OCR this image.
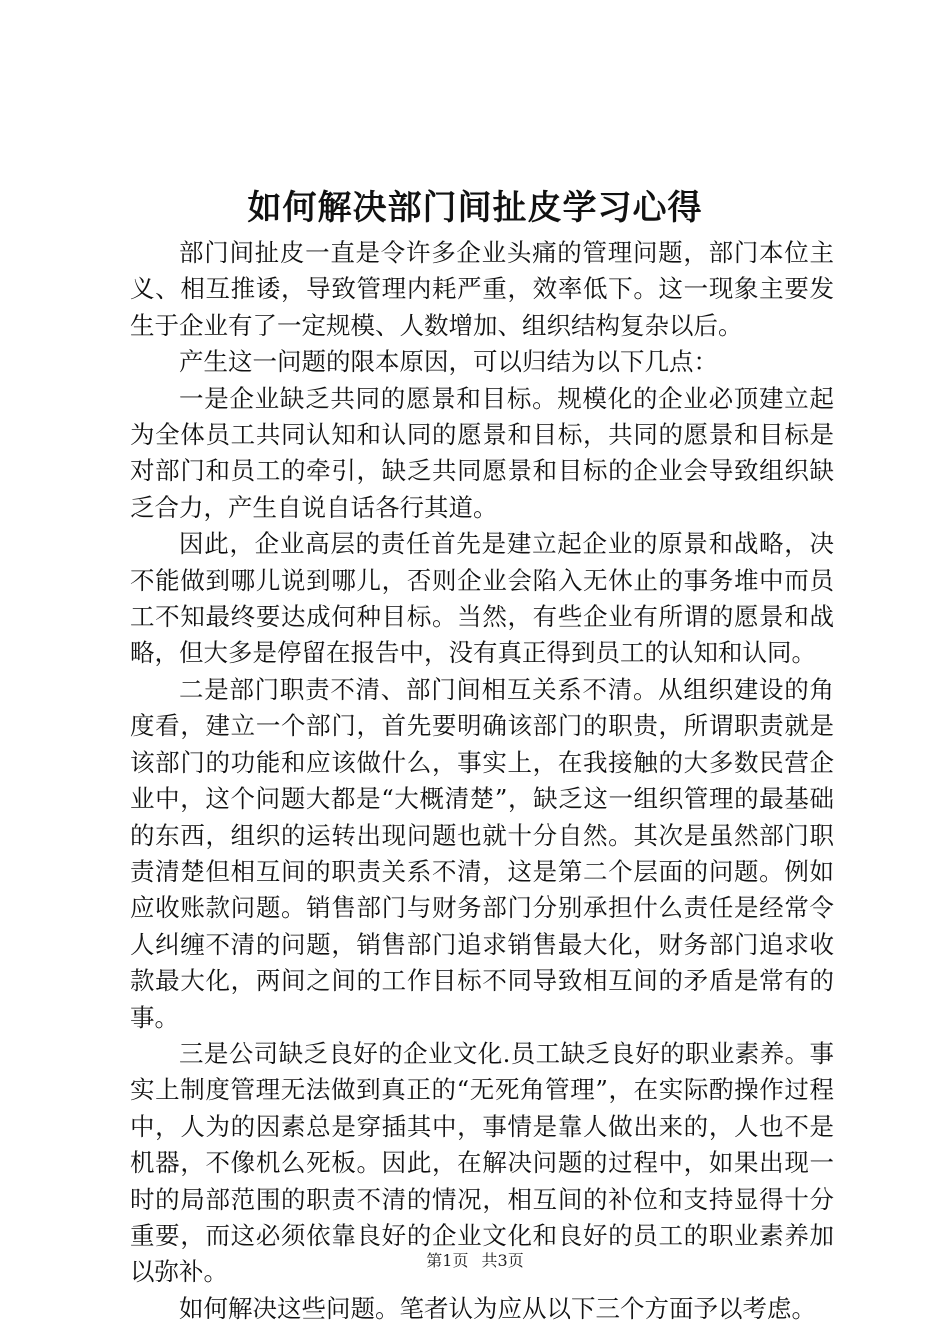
如何解决部门间扯皮学习心得

部门间扯皮一直是令许多企业头痛的管理问题，部门本位主义、相互推诿，导致管理内耗严重，效率低下。这一现象主要发生于企业有了一定规模、人数增加、组织结构复杂以后。

产生这一问题的限本原因，可以归结为以下几点：

一是企业缺乏共同的愿景和目标。规模化的企业必顶建立起为全体员工共同认知和认同的愿景和目标，共同的愿景和目标是对部门和员工的牵引，缺乏共同愿景和目标的企业会导致组织缺乏合力，产生自说自话各行其道。

因此，企业高层的责任首先是建立起企业的原景和战略，决不能做到哪儿说到哪儿，否则企业会陷入无休止的事务堆中而员工不知最终要达成何种目标。当然，有些企业有所谓的愿景和战略，但大多是停留在报告中，没有真正得到员工的认知和认同。

二是部门职责不清、部门间相互关系不清。从组织建设的角度看，建立一个部门，首先要明确该部门的职贵，所谓职责就是该部门的功能和应该做什么，事实上，在我接触的大多数民营企业中，这个问题大都是“大概清楚”，缺乏这一组织管理的最基础的东西，组织的运转出现问题也就十分自然。其次是虽然部门职责清楚但相互间的职责关系不清，这是第二个层面的问题。例如应收账款问题。销售部门与财务部门分别承担什么责任是经常令人纠缠不清的问题，销售部门追求销售最大化，财务部门追求收款最大化，两间之间的工作目标不同导致相互间的矛盾是常有的事。

三是公司缺乏良好的企业文化.员工缺乏良好的职业素养。事实上制度管理无法做到真正的“无死角管理”，在实际酌操作过程中，人为的因素总是穿插其中，事情是靠人做出来的，人也不是机器，不像机么死板。因此，在解决问题的过程中，如果出现一时的局部范围的职责不清的情况，相互间的补位和支持显得十分重要，而这必须依靠良好的企业文化和良好的员工的职业素养加以弥补。

如何解决这些问题。笔者认为应从以下三个方面予以考虑。

第1页 共3页
